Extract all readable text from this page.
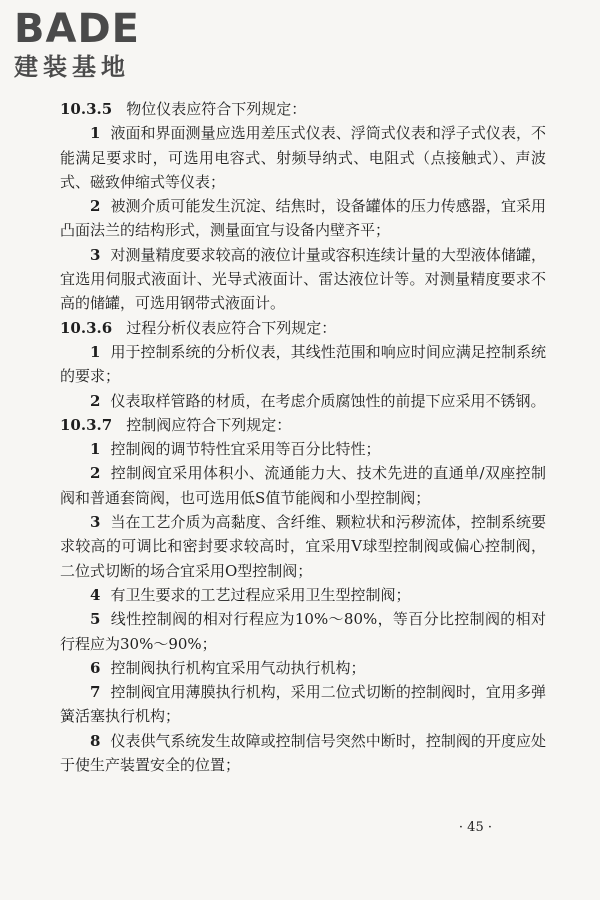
BADE
建装基地

10.3.5 物位仪表应符合下列规定：

1 液面和界面测量应选用差压式仪表、浮筒式仪表和浮子式仪表，不能满足要求时，可选用电容式、射频导纳式、电阻式（点接触式）、声波式、磁致伸缩式等仪表；

2 被测介质可能发生沉淀、结焦时，设备罐体的压力传感器，宜采用凸面法兰的结构形式，测量面宜与设备内壁齐平；

3 对测量精度要求较高的液位计量或容积连续计量的大型液体储罐，宜选用伺服式液面计、光导式液面计、雷达液位计等。对测量精度要求不高的储罐，可选用钢带式液面计。

10.3.6 过程分析仪表应符合下列规定：

1 用于控制系统的分析仪表，其线性范围和响应时间应满足控制系统的要求；

2 仪表取样管路的材质，在考虑介质腐蚀性的前提下应采用不锈钢。

10.3.7 控制阀应符合下列规定：

1 控制阀的调节特性宜采用等百分比特性；

2 控制阀宜采用体积小、流通能力大、技术先进的直通单/双座控制阀和普通套筒阀，也可选用低S值节能阀和小型控制阀；

3 当在工艺介质为高黏度、含纤维、颗粒状和污秽流体，控制系统要求较高的可调比和密封要求较高时，宜采用V球型控制阀或偏心控制阀，二位式切断的场合宜采用O型控制阀；

4 有卫生要求的工艺过程应采用卫生型控制阀；

5 线性控制阀的相对行程应为10%～80%，等百分比控制阀的相对行程应为30%～90%；

6 控制阀执行机构宜采用气动执行机构；

7 控制阀宜用薄膜执行机构，采用二位式切断的控制阀时，宜用多弹簧活塞执行机构；

8 仪表供气系统发生故障或控制信号突然中断时，控制阀的开度应处于使生产装置安全的位置；

· 45 ·
